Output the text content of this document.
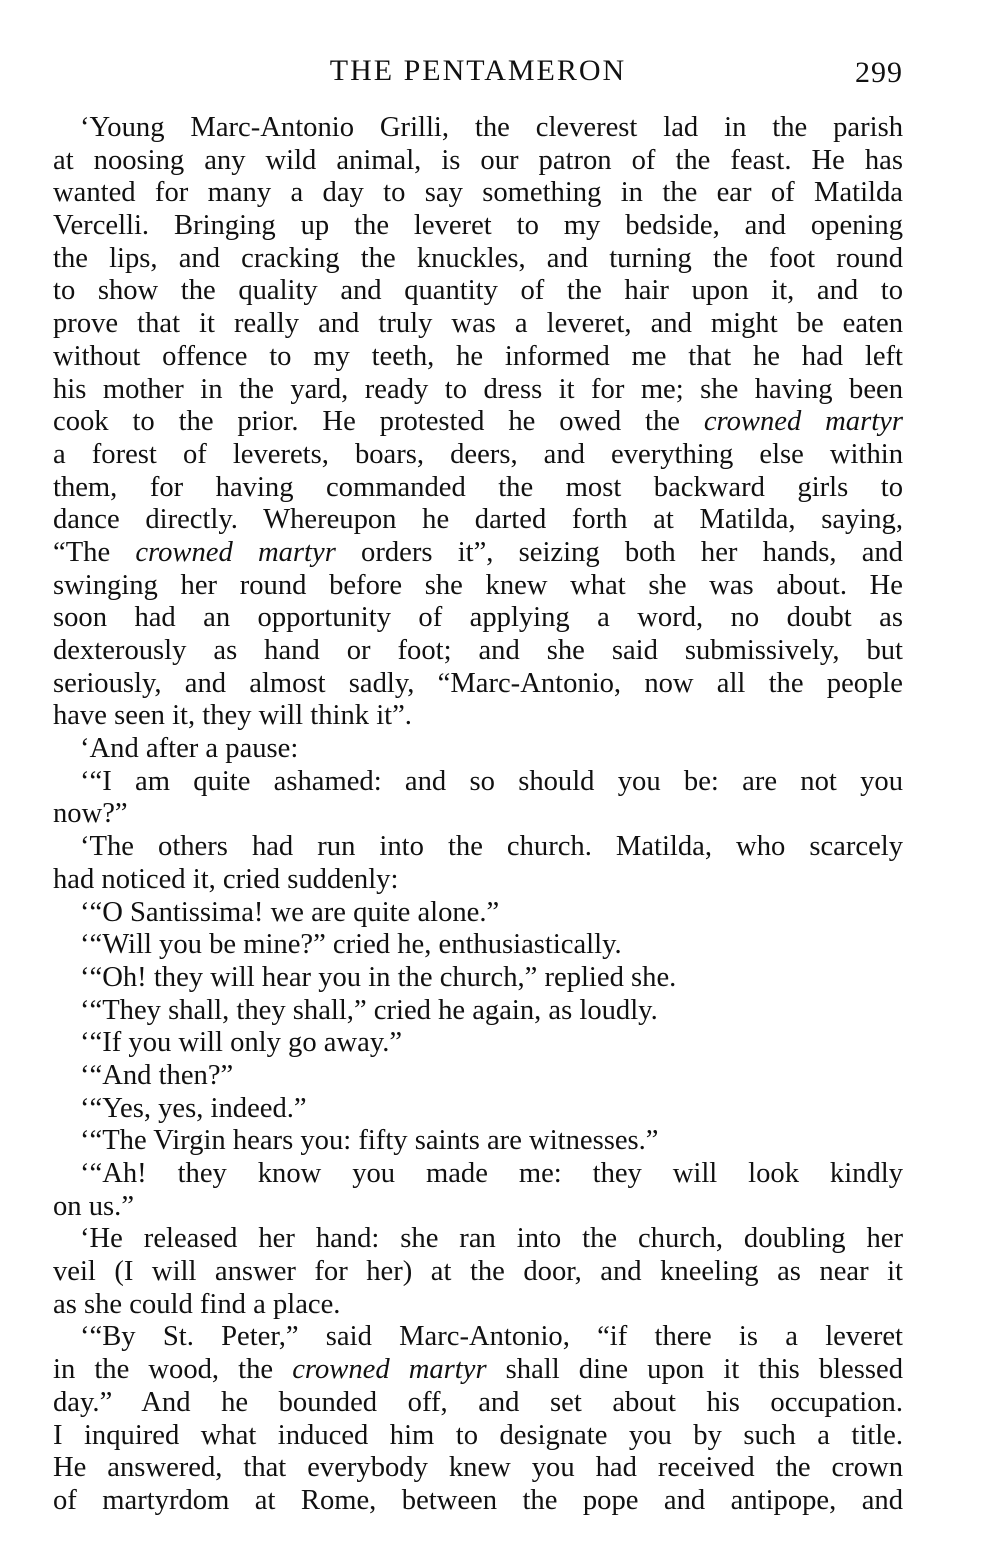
THE PENTAMERON	299
‘Young Marc-Antonio Grilli, the cleverest lad in the parish
at noosing any wild animal, is our patron of the feast. He has
wanted for many a day to say something in the ear of Matilda
Vercelli. Bringing up the leveret to my bedside, and opening
the lips, and cracking the knuckles, and turning the foot round
to show the quality and quantity of the hair upon it, and to
prove that it really and truly was a leveret, and might be eaten
without offence to my teeth, he informed me that he had left
his mother in the yard, ready to dress it for me; she having been
cook to the prior. He protested he owed the crowned martyr
a forest of leverets, boars, deers, and everything else within
them, for having commanded the most backward girls to
dance directly. Whereupon he darted forth at Matilda, saying,
“The crowned martyr orders it”, seizing both her hands, and
swinging her round before she knew what she was about. He
soon had an opportunity of applying a word, no doubt as
dexterously as hand or foot; and she said submissively, but
seriously, and almost sadly, “Marc-Antonio, now all the people
have seen it, they will think it”.
‘And after a pause:
‘“I am quite ashamed: and so should you be: are not you
now?”
‘The others had run into the church. Matilda, who scarcely
had noticed it, cried suddenly:
‘“O Santissima! we are quite alone.”
‘“Will you be mine?” cried he, enthusiastically.
‘“Oh! they will hear you in the church,” replied she.
‘“They shall, they shall,” cried he again, as loudly.
‘“If you will only go away.”
‘“And then?”
‘“Yes, yes, indeed.”
‘“The Virgin hears you: fifty saints are witnesses.”
‘“Ah! they know you made me: they will look kindly
on us.”
‘He released her hand: she ran into the church, doubling her
veil (I will answer for her) at the door, and kneeling as near it
as she could find a place.
‘“By St. Peter,” said Marc-Antonio, “if there is a leveret
in the wood, the crowned martyr shall dine upon it this blessed
day.” And he bounded off, and set about his occupation.
I inquired what induced him to designate you by such a title.
He answered, that everybody knew you had received the crown
of martyrdom at Rome, between the pope and antipope, and
